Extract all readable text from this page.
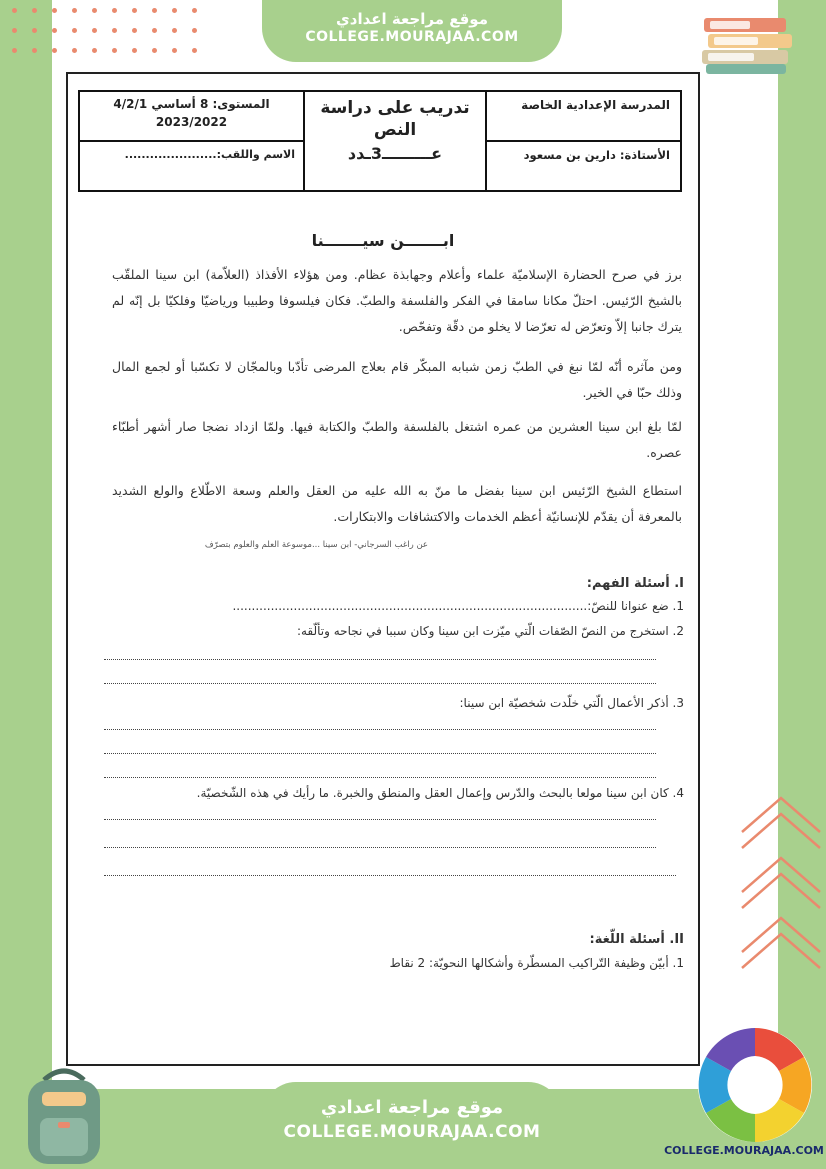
موقع مراجعة اعدادي
COLLEGE.MOURAJAA.COM
المدرسة الإعدادية الخاصة
الأستاذة: دارين بن مسعود
تدريب على دراسة
النص
عـــــــــ3ـدد
المستوى: 8 أساسي 4/2/1
2023/2022
الاسم واللقب:......................
ابـــــــن سيـــــــنا
برز في صرح الحضارة الإسلاميّة علماء وأعلام وجهابذة عظام. ومن هؤلاء الأفذاذ (العلاّمة) ابن سينا الملقّب بالشيخ الرّئيس. احتلّ مكانا سامقا في الفكر والفلسفة والطبّ. فكان فيلسوفا وطبيبا ورياضيّا وفلكيّا بل إنّه لم يترك جانبا إلاّ وتعرّض له تعرّضا لا يخلو من دقّة وتفحّص.
ومن مآثره أنّه لمّا نبغ في الطبّ زمن شبابه المبكّر قام بعلاج المرضى تأدّبا وبالمجّان لا تكسّبا أو لجمع المال وذلك حبّا في الخير.
لمّا بلغ ابن سينا العشرين من عمره اشتغل بالفلسفة والطبّ والكتابة فيها. ولمّا ازداد نضجا صار أشهر أطبّاء عصره.
استطاع الشيخ الرّئيس ابن سينا بفضل ما منّ به الله عليه من العقل والعلم وسعة الاطّلاع والولع الشديد بالمعرفة أن يقدّم للإنسانيّة أعظم الخدمات والاكتشافات والابتكارات.
عن راغب السرجاني- ابن سينا ...موسوعة العلم والعلوم بتصرّف
I. أسئلة الفهم:
1. ضع عنوانا للنصّ:.............................................................................................
2. استخرج من النصّ الصّفات الّتي ميّزت ابن سينا وكان سببا في نجاحه وتألّقه:
3. أذكر الأعمال الّتي خلّدت شخصيّة ابن سينا:
4. كان ابن سينا مولعا بالبحث والدّرس وإعمال العقل والمنطق والخبرة. ما رأيك في هذه الشّخصيّة.
II. أسئلة اللّغة:
1. أبيّن وظيفة التّراكيب المسطّرة وأشكالها النحويّة: 2 نقاط
موقع مراجعة اعدادي
COLLEGE.MOURAJAA.COM
COLLEGE.MOURAJAA.COM
